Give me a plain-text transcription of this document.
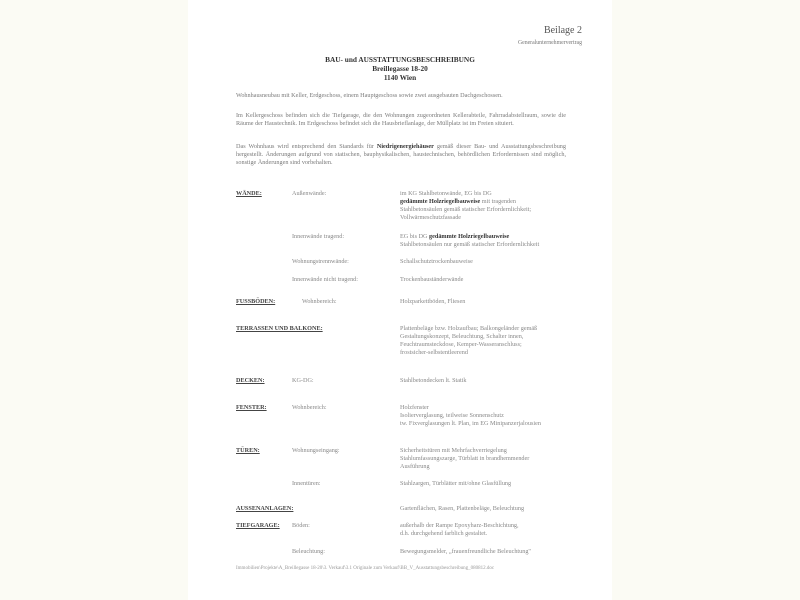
Beilage 2
Generalunternehmervertrag
BAU- und AUSSTATTUNGSBESCHREIBUNG
Breillegasse 18-20
1140 Wien
Wohnhausneubau mit Keller, Erdgeschoss, einem Hauptgeschoss sowie zwei ausgebauten Dachgeschossen.
Im Kellergeschoss befinden sich die Tiefgarage, die den Wohnungen zugeordneten Kellerabteile, Fahrradabstellraum, sowie die Räume der Haustechnik. Im Erdgeschoss befindet sich die Hausbrieflanlage, der Müllplatz ist im Freien situiert.
Das Wohnhaus wird entsprechend den Standards für Niedrigenergiehäuser gemäß dieser Bau- und Ausstattungsbeschreibung hergestellt. Änderungen aufgrund von statischen, bauphysikalischen, haustechnischen, behördlichen Erfordernissen sind möglich, sonstige Änderungen sind vorbehalten.
WÄNDE:	Außenwände:	im KG Stahlbetonwände, EG bis DG
gedämmte Holzriegelbauweise mit tragenden
Stahlbetonsäulen gemäß statischer Erfordernlichkeit;
Vollwärmeschutzfassade
Innenwände tragend:	EG bis DG gedämmte Holzriegelbauweise
Stahlbetonsäulen nur gemäß statischer Erfordernlichkeit
Wohnungstrennwände:	Schallschutztrockenbauweise
Innenwände nicht tragend:	Trockenbauständerwände
FUSSBÖDEN:	Wohnbereich:	Holzparkettböden, Fliesen
TERRASSEN UND BALKONE:	Plattenbeläge bzw. Holzaufbau; Balkongeländer gemäß
Gestaltungskonzept, Beleuchtung, Schalter innen,
Feuchtraumsteckdose, Kemper-Wasseranschluss;
frostsicher-selbstentleerend
DECKEN:	KG-DG:	Stahlbetondecken lt. Statik
FENSTER:	Wohnbereich:	Holzfenster
Isolierverglasung, teilweise Sonnenschutz
tw. Fixverglasungen lt. Plan, im EG Minipanzerjalousien
TÜREN:	Wohnungseingang:	Sicherheitstüren mit Mehrfachverriegelung
Stahlumfassungszarge, Türblatt in brandhemmender
Ausführung
Innentüren:	Stahlzargen, Türblätter mit/ohne Glasfüllung
AUSSENANLAGEN:	Gartenflächen, Rasen, Plattenbeläge, Beleuchtung
TIEFGARAGE: Böden:	außerhalb der Rampe Epoxyharz-Beschichtung,
d.h. durchgehend farblich gestaltet.
Beleuchtung:	Bewegungsmelder, „frauenfreundliche Beleuchtung"
Immobilien\Projekte\A_Breillegasse 18-20\3. Verkauf\3.1 Originale zum Verkauf\BB_V_Ausstattungsbeschreibung_080812.doc
